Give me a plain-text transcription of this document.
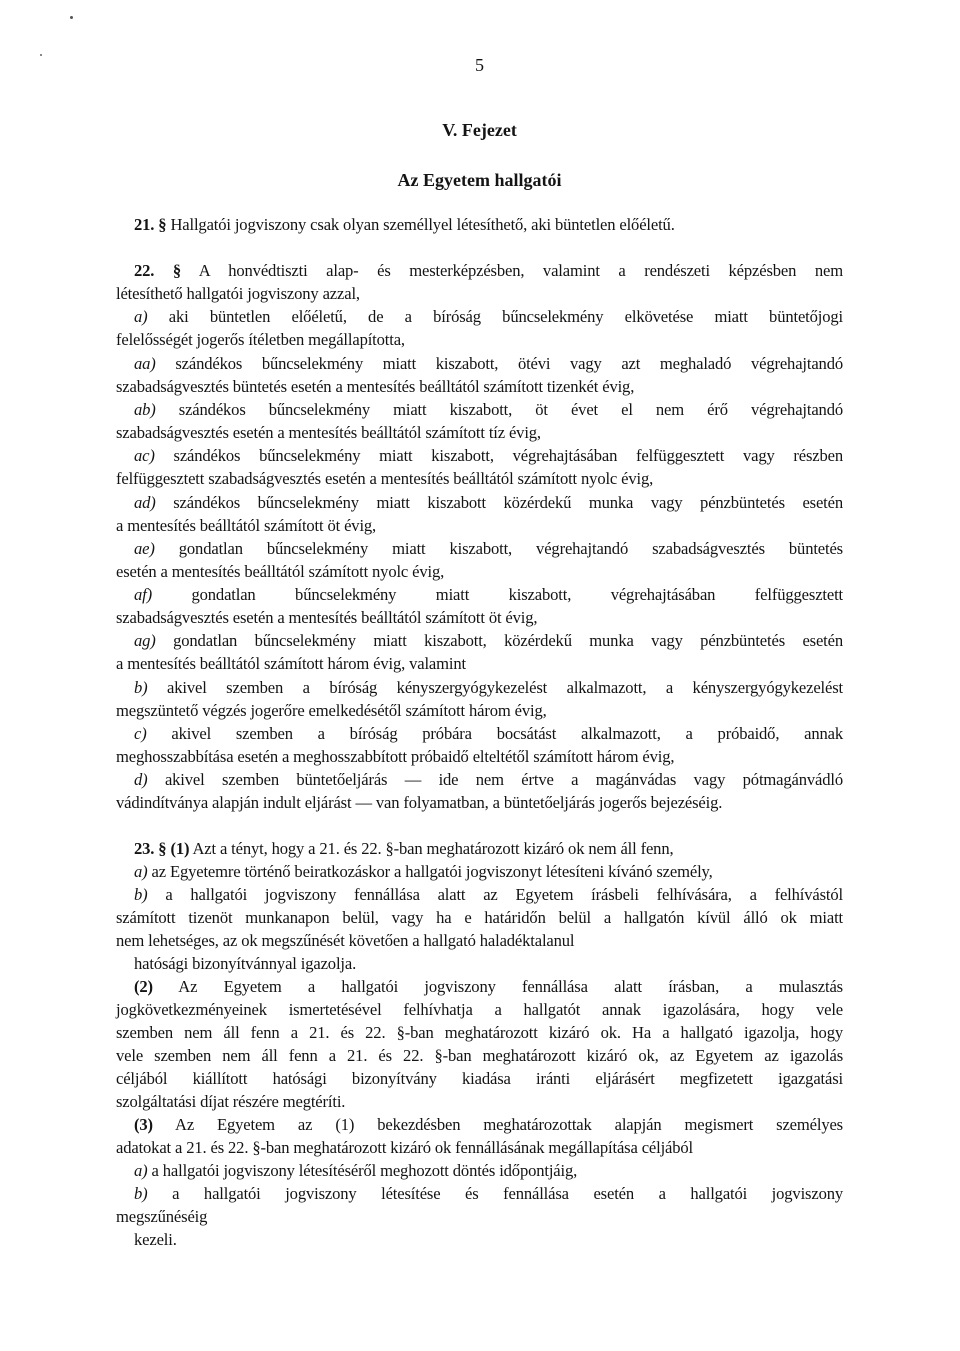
5
V. Fejezet
Az Egyetem hallgatói
21. § Hallgatói jogviszony csak olyan személlyel létesíthető, aki büntetlen előéletű.
22. § A honvédtiszti alap- és mesterképzésben, valamint a rendészeti képzésben nem
létesíthető hallgatói jogviszony azzal,
a) aki büntetlen előéletű, de a bíróság bűncselekmény elkövetése miatt büntetőjogi
felelősségét jogerős ítéletben megállapította,
aa) szándékos bűncselekmény miatt kiszabott, ötévi vagy azt meghaladó végrehajtandó
szabadságvesztés büntetés esetén a mentesítés beálltától számított tizenkét évig,
ab) szándékos bűncselekmény miatt kiszabott, öt évet el nem érő végrehajtandó
szabadságvesztés esetén a mentesítés beálltától számított tíz évig,
ac) szándékos bűncselekmény miatt kiszabott, végrehajtásában felfüggesztett vagy részben
felfüggesztett szabadságvesztés esetén a mentesítés beálltától számított nyolc évig,
ad) szándékos bűncselekmény miatt kiszabott közérdekű munka vagy pénzbüntetés esetén
a mentesítés beálltától számított öt évig,
ae) gondatlan bűncselekmény miatt kiszabott, végrehajtandó szabadságvesztés büntetés
esetén a mentesítés beálltától számított nyolc évig,
af) gondatlan bűncselekmény miatt kiszabott, végrehajtásában felfüggesztett
szabadságvesztés esetén a mentesítés beálltától számított öt évig,
ag) gondatlan bűncselekmény miatt kiszabott, közérdekű munka vagy pénzbüntetés esetén
a mentesítés beálltától számított három évig, valamint
b) akivel szemben a bíróság kényszergyógykezelést alkalmazott, a kényszergyógykezelést
megszüntető végzés jogerőre emelkedésétől számított három évig,
c) akivel szemben a bíróság próbára bocsátást alkalmazott, a próbaidő, annak
meghosszabbítása esetén a meghosszabbított próbaidő elteltétől számított három évig,
d) akivel szemben büntetőeljárás — ide nem értve a magánvádas vagy pótmagánvádló
vádindítványa alapján indult eljárást — van folyamatban, a büntetőeljárás jogerős bejezéséig.
23. § (1) Azt a tényt, hogy a 21. és 22. §-ban meghatározott kizáró ok nem áll fenn,
a) az Egyetemre történő beiratkozáskor a hallgatói jogviszonyt létesíteni kívánó személy,
b) a hallgatói jogviszony fennállása alatt az Egyetem írásbeli felhívására, a felhívástól
számított tizenöt munkanapon belül, vagy ha e határidőn belül a hallgatón kívül álló ok miatt
nem lehetséges, az ok megszűnését követően a hallgató haladéktalanul
hatósági bizonyítvánnyal igazolja.
(2) Az Egyetem a hallgatói jogviszony fennállása alatt írásban, a mulasztás
jogkövetkezményeinek ismertetésével felhívhatja a hallgatót annak igazolására, hogy vele
szemben nem áll fenn a 21. és 22. §-ban meghatározott kizáró ok. Ha a hallgató igazolja, hogy
vele szemben nem áll fenn a 21. és 22. §-ban meghatározott kizáró ok, az Egyetem az igazolás
céljából kiállított hatósági bizonyítvány kiadása iránti eljárásért megfizetett igazgatási
szolgáltatási díjat részére megtéríti.
(3) Az Egyetem az (1) bekezdésben meghatározottak alapján megismert személyes
adatokat a 21. és 22. §-ban meghatározott kizáró ok fennállásának megállapítása céljából
a) a hallgatói jogviszony létesítéséről meghozott döntés időpontjáig,
b) a hallgatói jogviszony létesítése és fennállása esetén a hallgatói jogviszony
megszűnéséig
kezeli.
